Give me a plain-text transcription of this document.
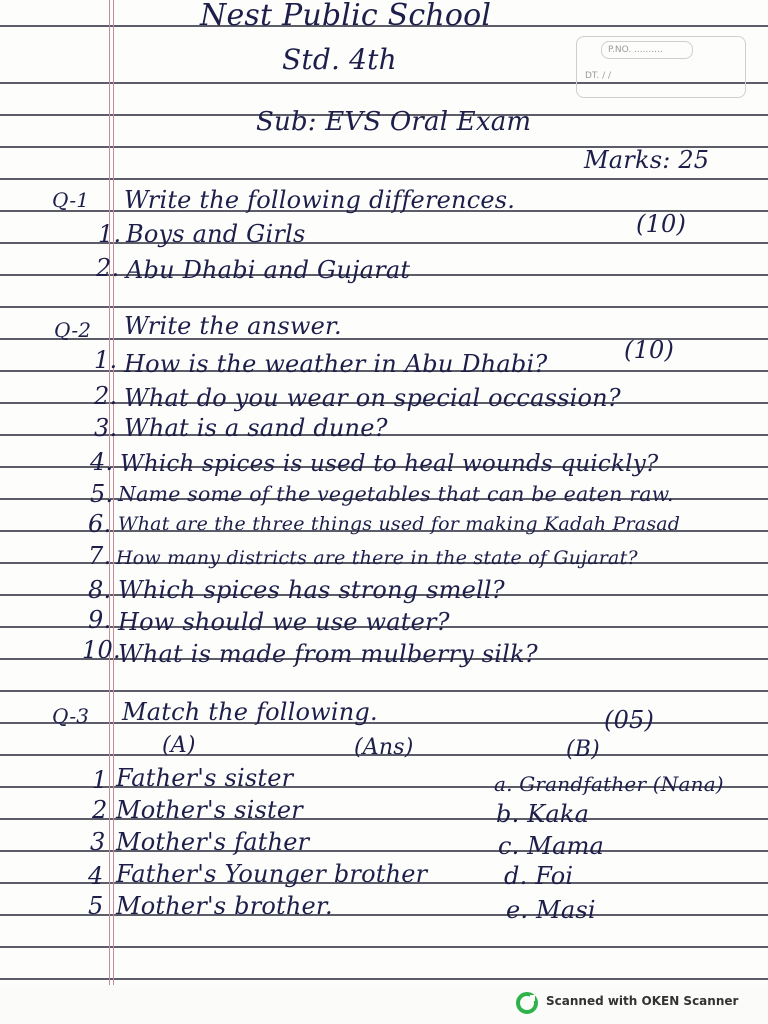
P.NO. ..........
DT. / /
Nest Public School
Std. 4th
Sub: EVS Oral Exam
Marks: 25
Q-1 Write the following differences.
(10)
1. Boys and Girls
2. Abu Dhabi and Gujarat
Q-2 Write the answer.
(10)
1. How is the weather in Abu Dhabi?
2. What do you wear on special occassion?
3. What is a sand dune?
4. Which spices is used to heal wounds quickly?
5. Name some of the vegetables that can be eaten raw.
6. What are the three things used for making Kadah Prasad
7. How many districts are there in the state of Gujarat?
8. Which spices has strong smell?
9. How should we use water?
10.
What is made from mulberry silk?
Q-3 Match the following.	(05)
(A)	(Ans)	(B)
1 Father's sister	a. Grandfather (Nana)
2 Mother's sister	b. Kaka
3 Mother's father	c. Mama
4 Father's Younger brother	d. Foi
5 Mother's brother.	e. Masi
Scanned with OKEN Scanner
